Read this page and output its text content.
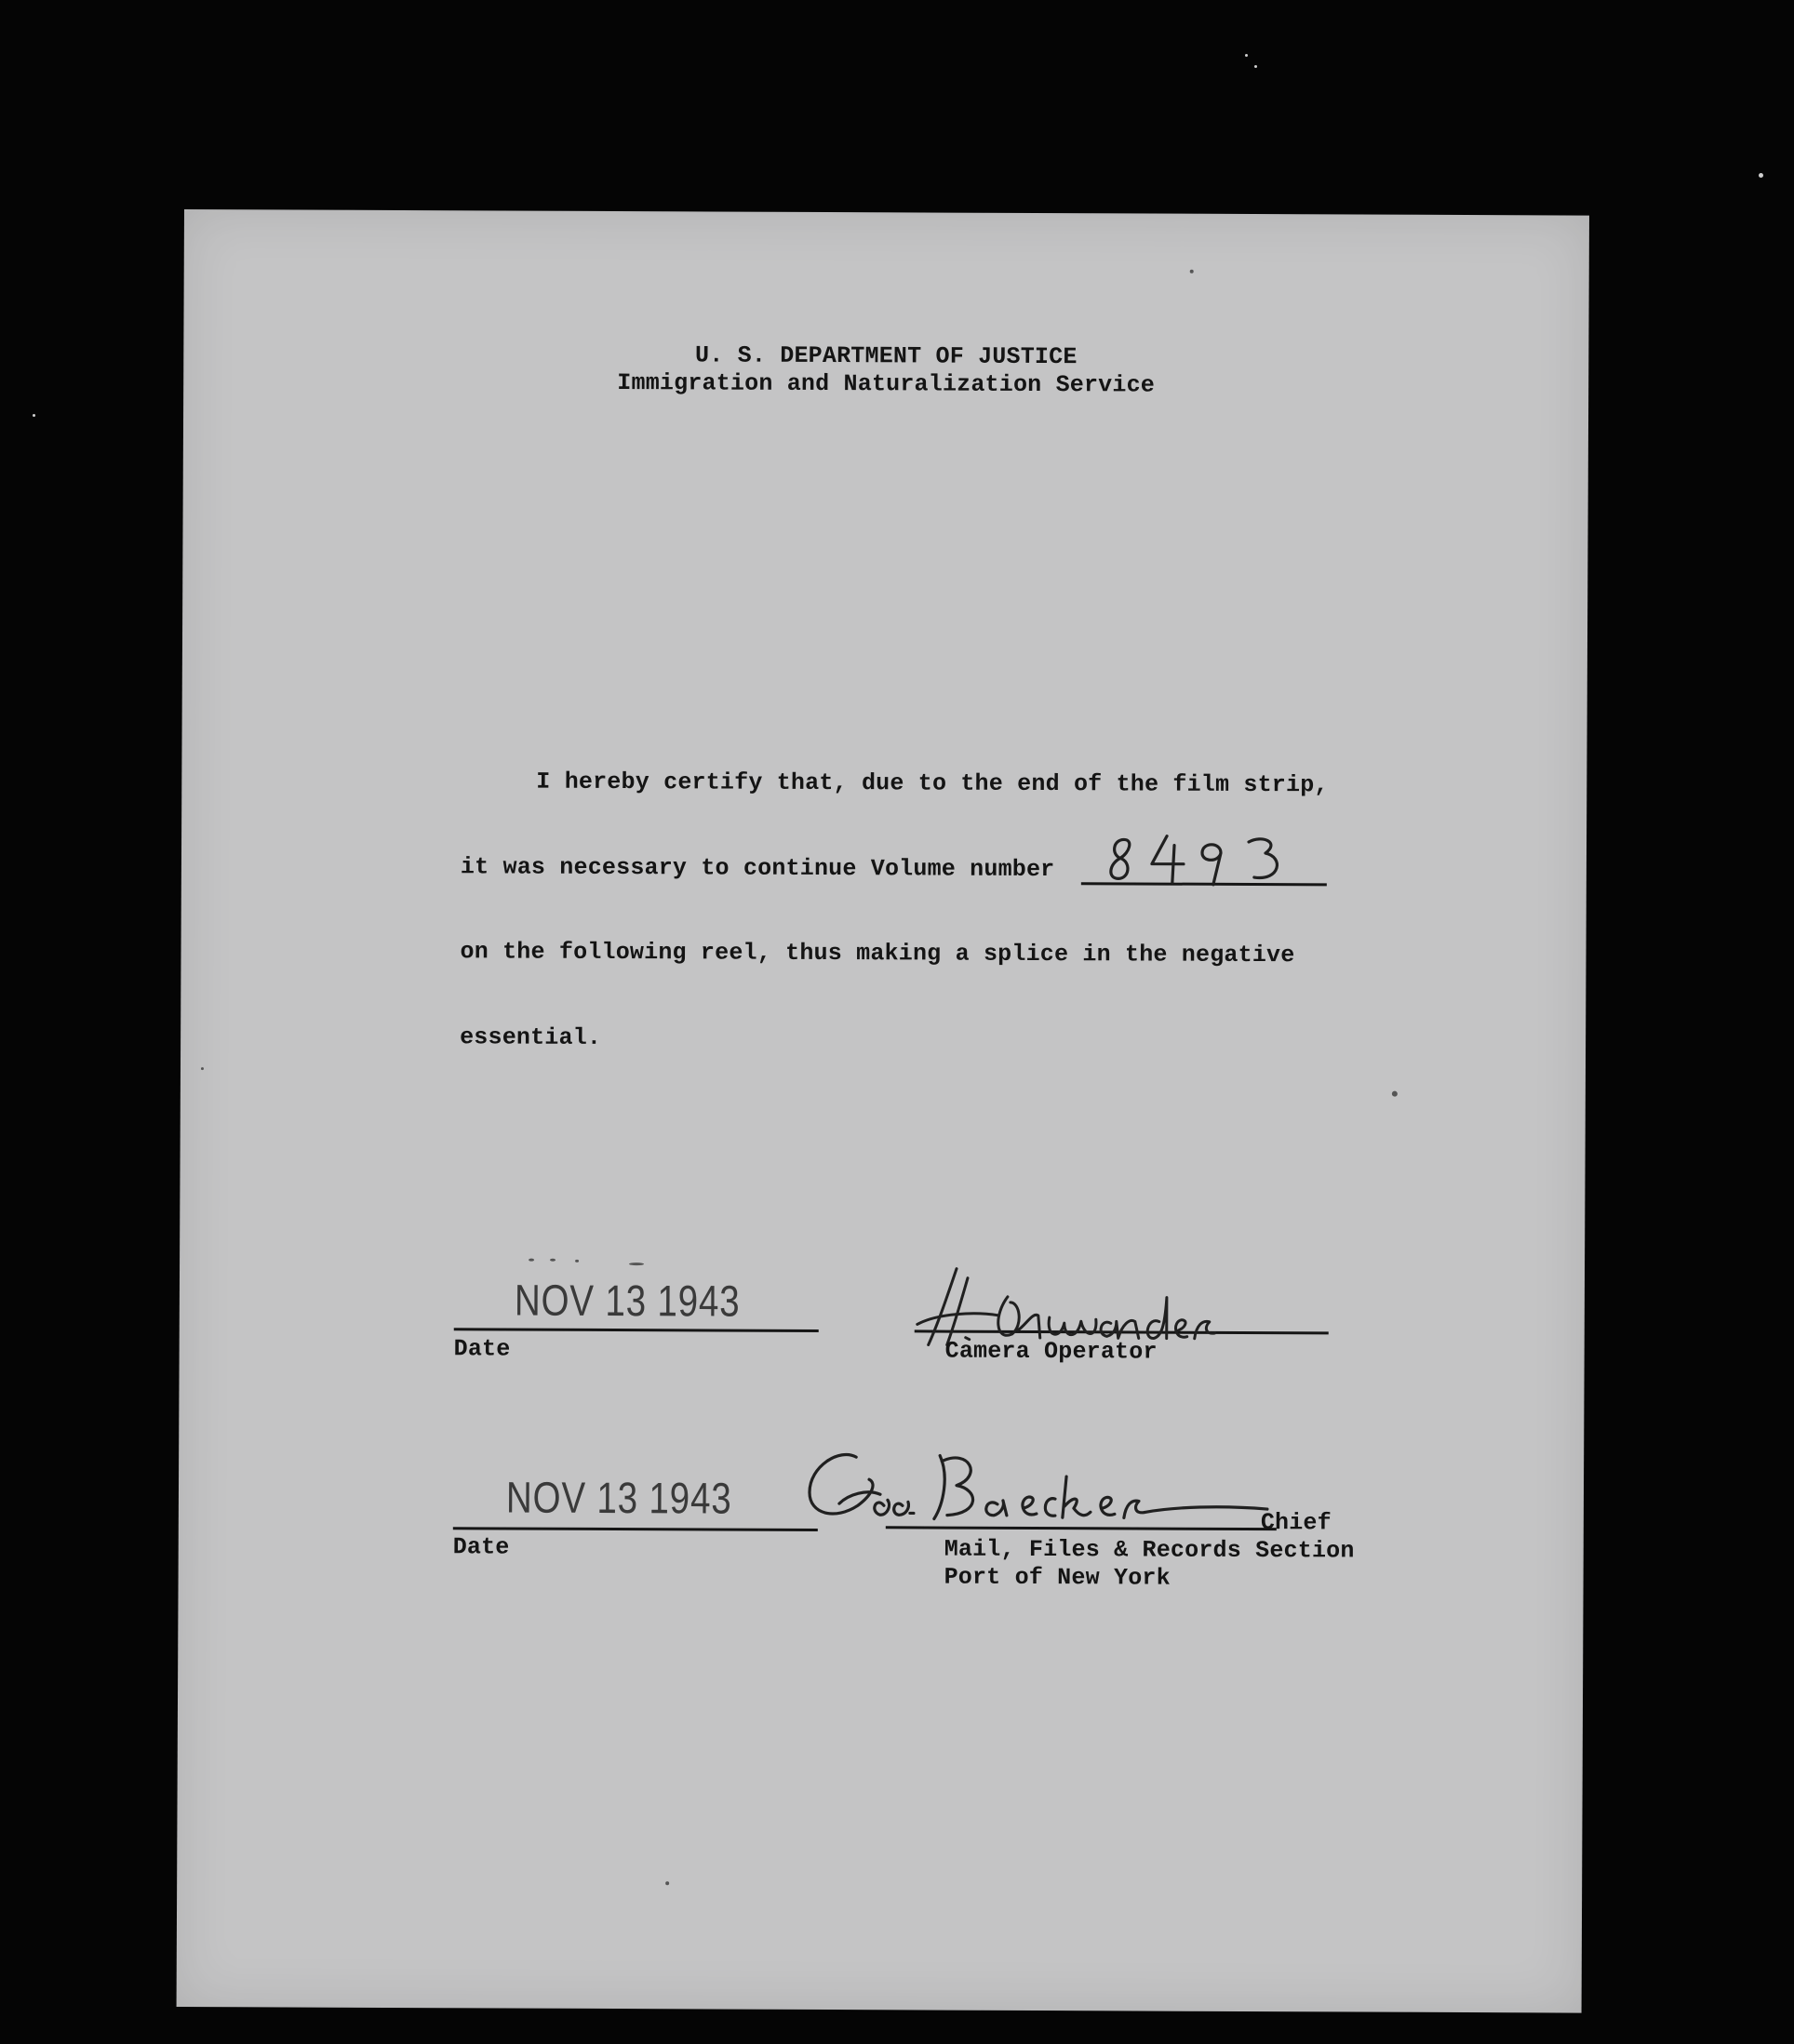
U. S. DEPARTMENT OF JUSTICE
Immigration and Naturalization Service
I hereby certify that, due to the end of the film strip,
it was necessary to continue Volume number
on the following reel, thus making a splice in the negative
essential.
NOV 13 1943
Date	Camera Operator
NOV 13 1943
Date
Chief
Mail, Files & Records Section
Port of New York
